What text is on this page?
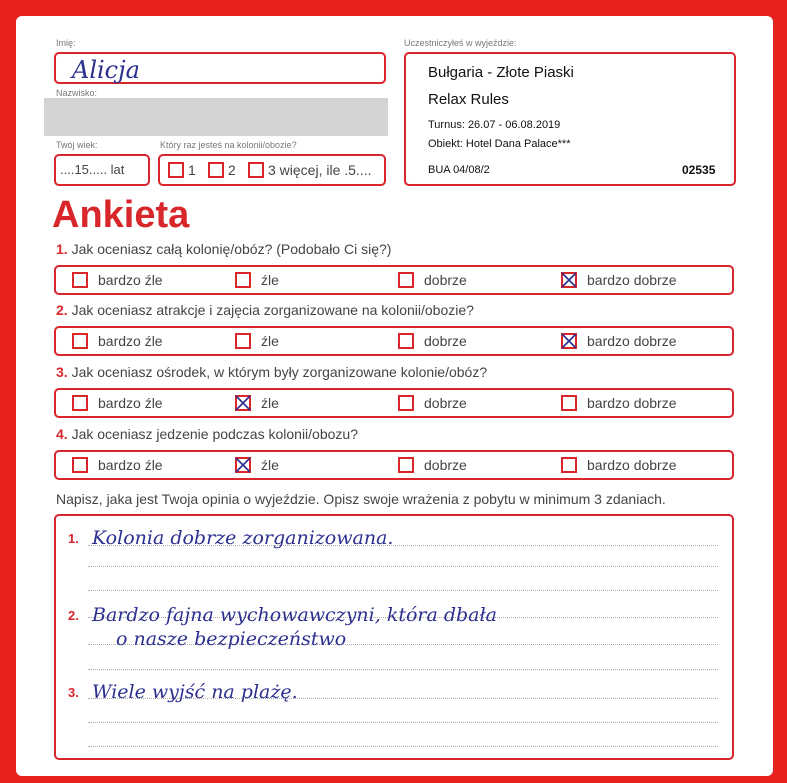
Imię:
Alicja
Nazwisko:
Twój wiek:
....15..... lat
Który raz jesteś na kolonii/obozie?
1 2 3 więcej, ile .5....
Uczestniczyłeś w wyjeździe:
Bułgaria - Złote Piaski
Relax Rules
Turnus: 26.07 - 06.08.2019
Obiekt: Hotel Dana Palace***
BUA 04/08/2	02535
Ankieta
1. Jak oceniasz całą kolonię/obóz? (Podobało Ci się?)
bardzo źle	źle	dobrze	bardzo dobrze
2. Jak oceniasz atrakcje i zajęcia zorganizowane na kolonii/obozie?
bardzo źle	źle	dobrze	bardzo dobrze
3. Jak oceniasz ośrodek, w którym były zorganizowane kolonie/obóz?
bardzo źle	źle	dobrze	bardzo dobrze
4. Jak oceniasz jedzenie podczas kolonii/obozu?
bardzo źle	źle	dobrze	bardzo dobrze
Napisz, jaka jest Twoja opinia o wyjeździe. Opisz swoje wrażenia z pobytu w minimum 3 zdaniach.
1. Kolonia dobrze zorganizowana.
2. Bardzo fajna wychowawczyni, która dbała
o nasze bezpieczeństwo
3. Wiele wyjść na plażę.
